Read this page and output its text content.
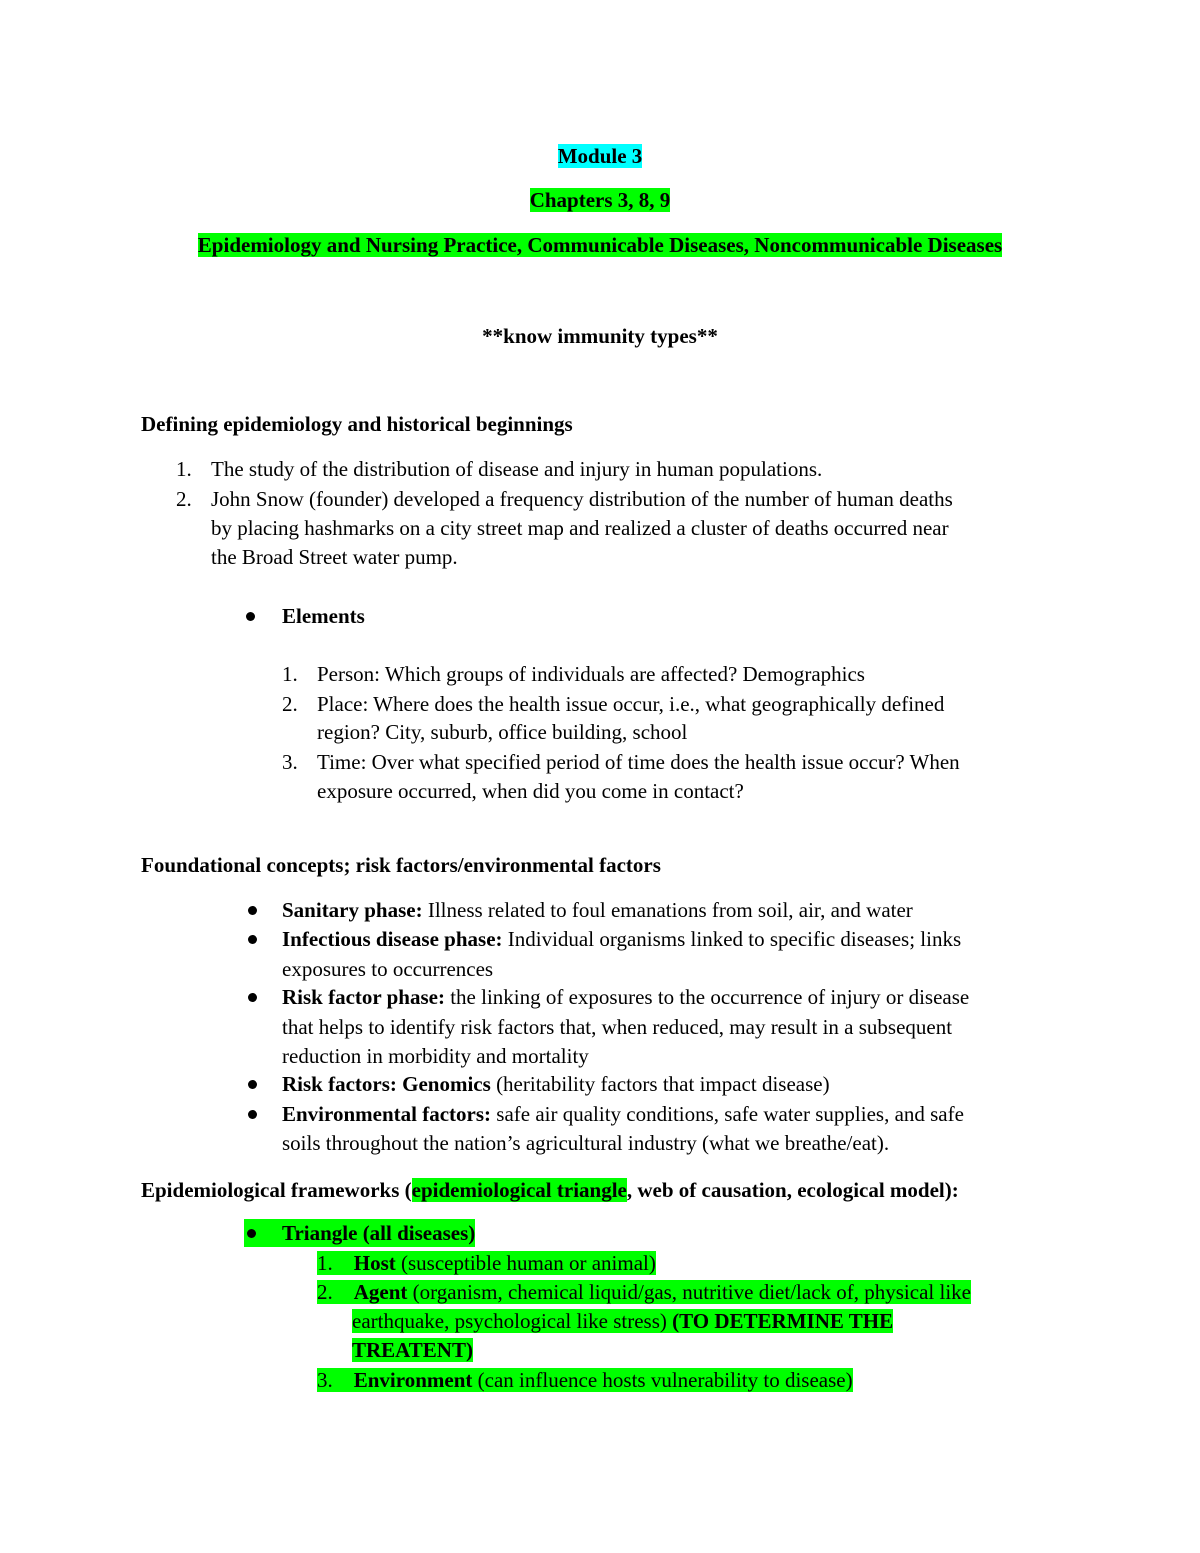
Module 3
Chapters 3, 8, 9
Epidemiology and Nursing Practice, Communicable Diseases, Noncommunicable Diseases
**know immunity types**
Defining epidemiology and historical beginnings
1. The study of the distribution of disease and injury in human populations.
2. John Snow (founder) developed a frequency distribution of the number of human deaths
by placing hashmarks on a city street map and realized a cluster of deaths occurred near
the Broad Street water pump.
Elements
1. Person: Which groups of individuals are affected? Demographics
2. Place: Where does the health issue occur, i.e., what geographically defined
region? City, suburb, office building, school
3. Time: Over what specified period of time does the health issue occur? When
exposure occurred, when did you come in contact?
Foundational concepts; risk factors/environmental factors
Sanitary phase: Illness related to foul emanations from soil, air, and water
Infectious disease phase: Individual organisms linked to specific diseases; links
exposures to occurrences
Risk factor phase: the linking of exposures to the occurrence of injury or disease
that helps to identify risk factors that, when reduced, may result in a subsequent
reduction in morbidity and mortality
Risk factors: Genomics (heritability factors that impact disease)
Environmental factors: safe air quality conditions, safe water supplies, and safe
soils throughout the nation’s agricultural industry (what we breathe/eat).
Epidemiological frameworks (epidemiological triangle, web of causation, ecological model):
Triangle (all diseases)
1. Host (susceptible human or animal)
2. Agent (organism, chemical liquid/gas, nutritive diet/lack of, physical like
earthquake, psychological like stress) (TO DETERMINE THE
TREATENT)
3. Environment (can influence hosts vulnerability to disease)
